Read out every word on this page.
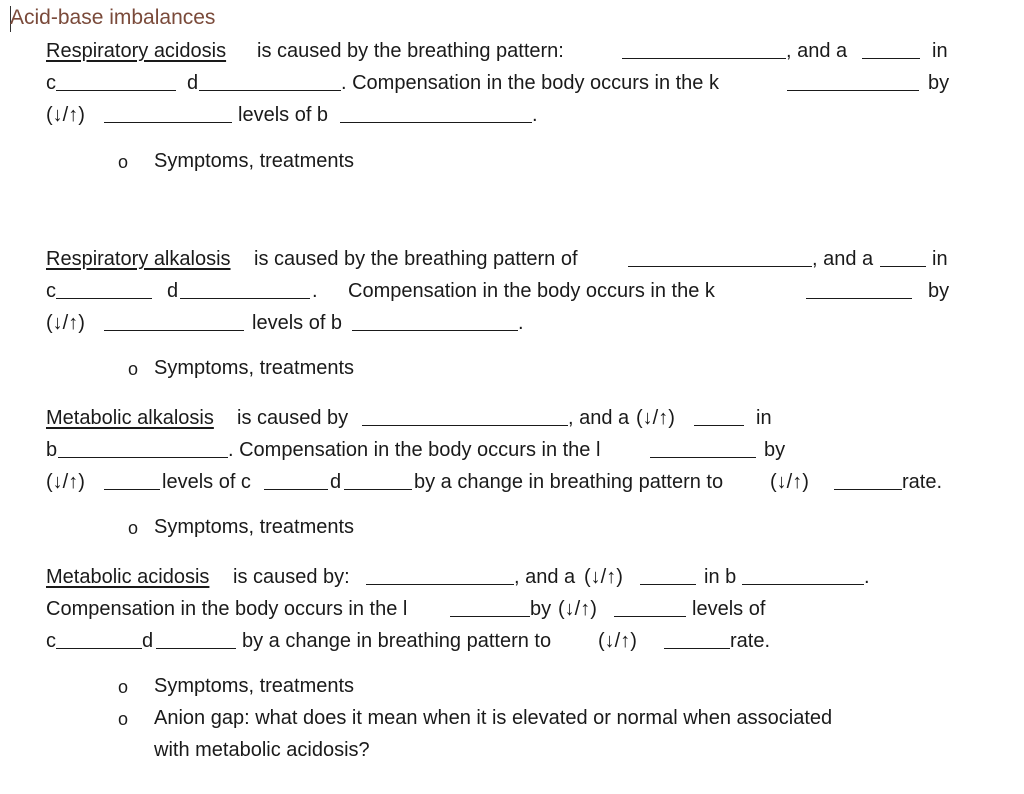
Acid-base imbalances
Respiratory acidosis is caused by the breathing pattern:	, and a	in
c	d	. Compensation in the body occurs in the k	by
(↓/↑)	levels of b	.
o Symptoms, treatments
Respiratory alkalosis is caused by the breathing pattern of	, and a	in
c	d	. Compensation in the body occurs in the k	by
(↓/↑)	levels of b	.
o Symptoms, treatments
Metabolic alkalosis is caused by	, and a (↓/↑)	in
b	. Compensation in the body occurs in the l	by
(↓/↑)	levels of c	d	by a change in breathing pattern to (↓/↑)	rate.
o Symptoms, treatments
Metabolic acidosis is caused by:	, and a (↓/↑)	in b	.
Compensation in the body occurs in the l	by (↓/↑)	levels of
c	d	by a change in breathing pattern to (↓/↑)	rate.
o Symptoms, treatments
o Anion gap: what does it mean when it is elevated or normal when associated
with metabolic acidosis?
